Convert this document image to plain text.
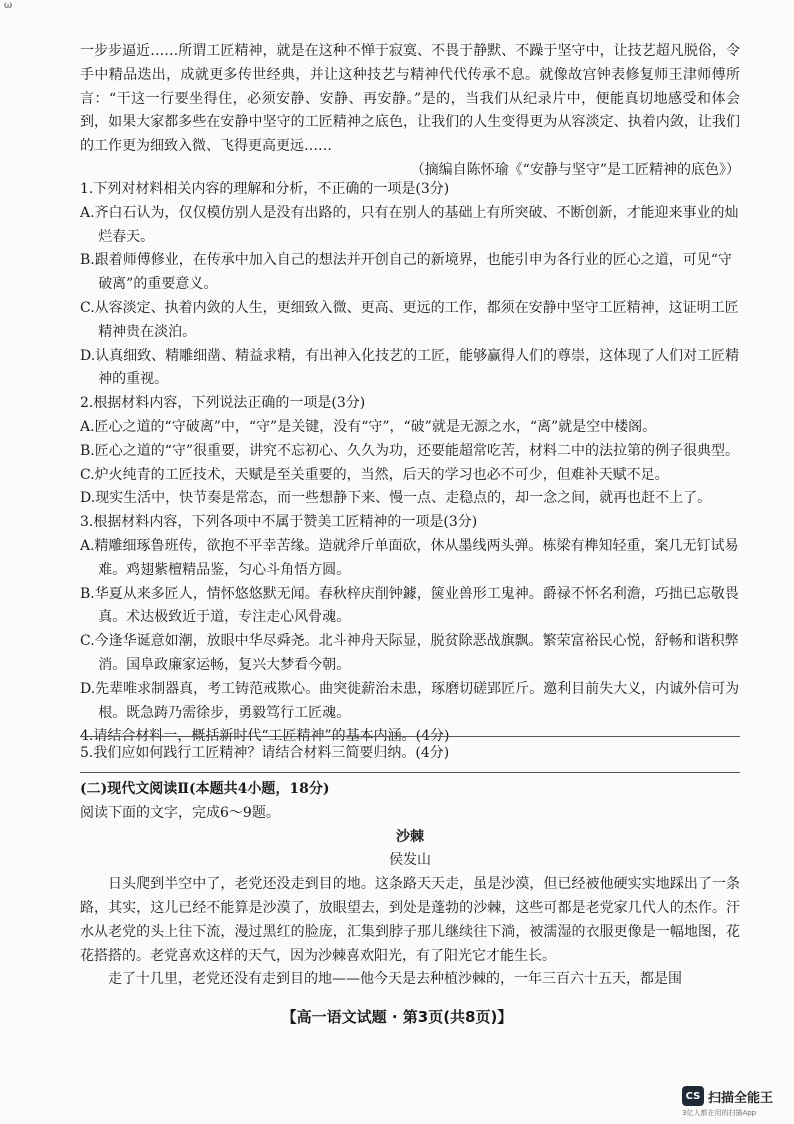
ω

一步步逼近……所谓工匠精神，就是在这种不惮于寂寞、不畏于静默、不躁于坚守中，让技艺超凡脱俗，令手中精品迭出，成就更多传世经典，并让这种技艺与精神代代传承不息。就像故宫钟表修复师王津师傅所言：“干这一行要坐得住，必须安静、安静、再安静。”是的，当我们从纪录片中，便能真切地感受和体会到，如果大家都多些在安静中坚守的工匠精神之底色，让我们的人生变得更为从容淡定、执着内敛，让我们的工作更为细致入微、飞得更高更远……

（摘编自陈怀瑜《“安静与坚守”是工匠精神的底色》）

1.下列对材料相关内容的理解和分析，不正确的一项是(3分)

A.齐白石认为，仅仅模仿别人是没有出路的，只有在别人的基础上有所突破、不断创新，才能迎来事业的灿烂春天。

B.跟着师傅修业，在传承中加入自己的想法并开创自己的新境界，也能引申为各行业的匠心之道，可见“守破离”的重要意义。

C.从容淡定、执着内敛的人生，更细致入微、更高、更远的工作，都须在安静中坚守工匠精神，这证明工匠精神贵在淡泊。

D.认真细致、精雕细凿、精益求精，有出神入化技艺的工匠，能够赢得人们的尊崇，这体现了人们对工匠精神的重视。

2.根据材料内容，下列说法正确的一项是(3分)

A.匠心之道的“守破离”中，“守”是关键，没有“守”，“破”就是无源之水，“离”就是空中楼阁。

B.匠心之道的“守”很重要，讲究不忘初心、久久为功，还要能超常吃苦，材料二中的法拉第的例子很典型。

C.炉火纯青的工匠技术，天赋是至关重要的，当然，后天的学习也必不可少，但难补天赋不足。

D.现实生活中，快节奏是常态，而一些想静下来、慢一点、走稳点的，却一念之间，就再也赶不上了。

3.根据材料内容，下列各项中不属于赞美工匠精神的一项是(3分)

A.精雕细琢鲁班传，欲抱不平幸苦缘。造就斧斤单面砍，休从墨线两头弹。栋梁有榫知轻重，案几无钉试易难。鸡翅紫檀精品鉴，匀心斗角悟方圆。

B.华夏从来多匠人，情怀悠悠默无闻。春秋梓庆削钟鐻，箧业兽形工鬼神。爵禄不怀名利澹，巧拙已忘敬畏真。术达极致近于道，专注走心风骨魂。

C.今逢华诞意如潮，放眼中华尽舜尧。北斗神舟天际显，脱贫除恶战旗飘。繁荣富裕民心悦，舒畅和谐积弊消。国阜政廉家运畅，复兴大梦看今朝。

D.先辈唯求制器真，考工铸范戒欺心。曲突徙薪治未患，琢磨切磋郢匠斤。邀利目前失大义，内诚外信可为根。既急踌乃需徐步，勇毅笃行工匠魂。

4.请结合材料一，概括新时代“工匠精神”的基本内涵。(4分)

5.我们应如何践行工匠精神？请结合材料三简要归纳。(4分)

(二)现代文阅读Ⅱ(本题共4小题，18分)

阅读下面的文字，完成6～9题。

沙棘

侯发山

日头爬到半空中了，老党还没走到目的地。这条路天天走，虽是沙漠，但已经被他硬实实地踩出了一条路，其实，这儿已经不能算是沙漠了，放眼望去，到处是蓬勃的沙棘，这些可都是老党家几代人的杰作。汗水从老党的头上往下流，漫过黑红的脸庞，汇集到脖子那儿继续往下淌，被濡湿的衣服更像是一幅地图，花花搭搭的。老党喜欢这样的天气，因为沙棘喜欢阳光，有了阳光它才能生长。

走了十几里，老党还没有走到目的地——他今天是去种植沙棘的，一年三百六十五天，都是围

【高一语文试题 · 第3页(共8页)】
CS 扫描全能王
3亿人都在用的扫描App
